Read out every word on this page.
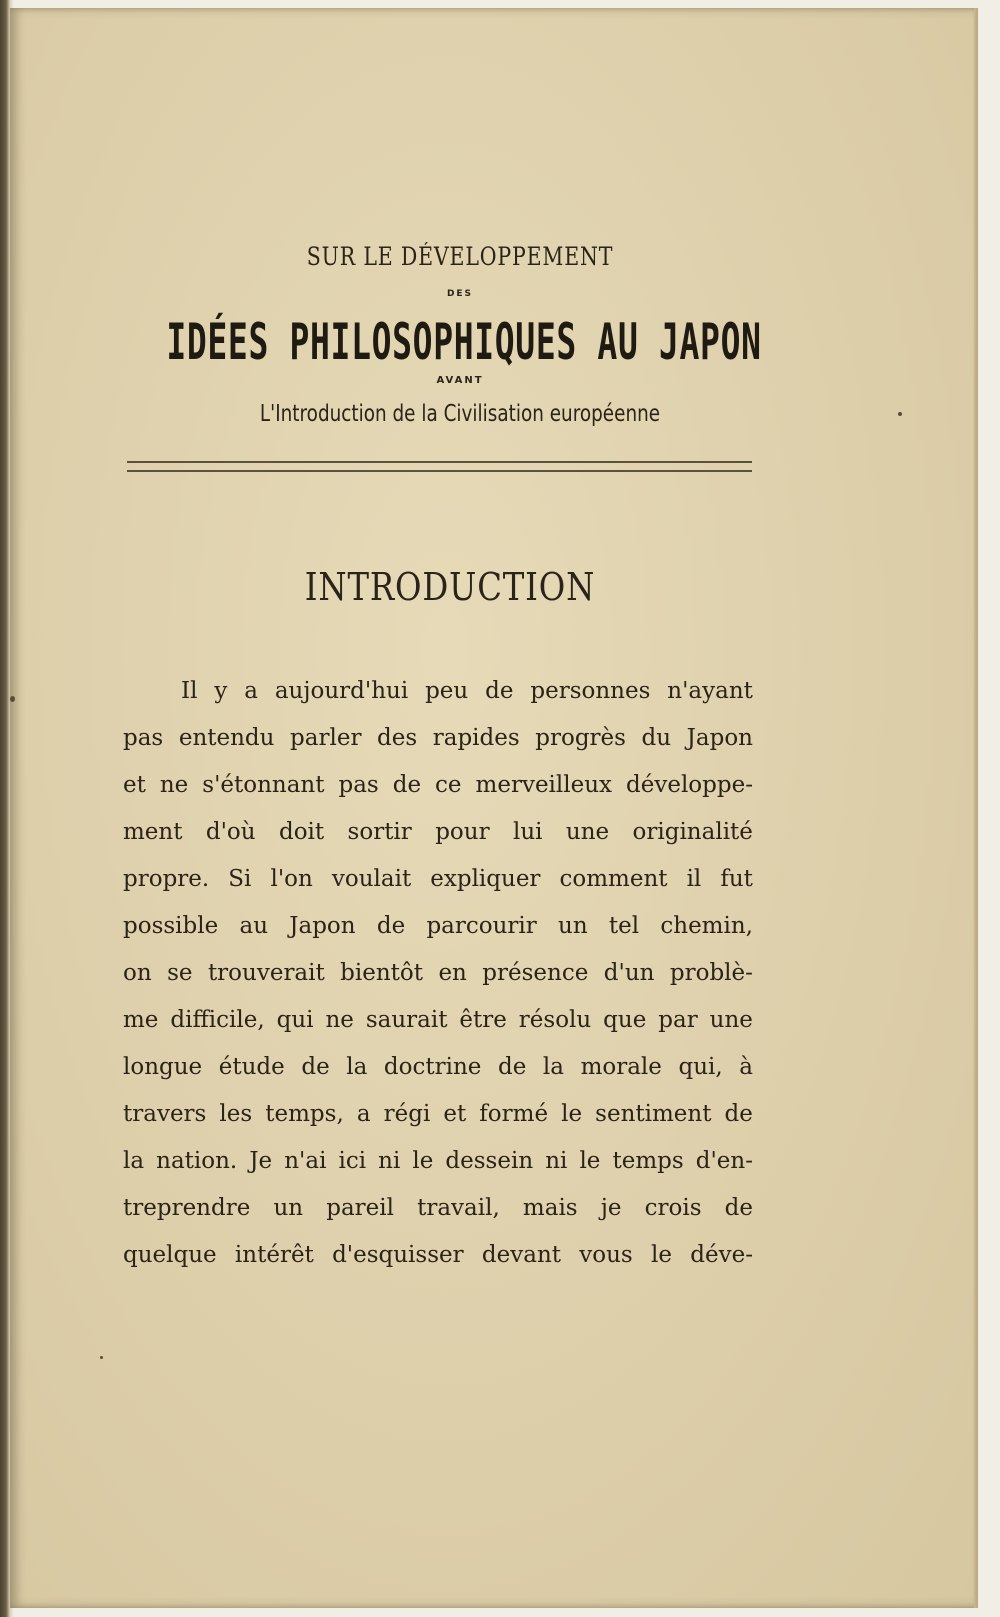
SUR LE DÉVELOPPEMENT
DES
IDÉES PHILOSOPHIQUES AU JAPON
AVANT
L'Introduction de la Civilisation européenne
INTRODUCTION
Il y a aujourd'hui peu de personnes n'ayant
pas entendu parler des rapides progrès du Japon
et ne s'étonnant pas de ce merveilleux développe-
ment d'où doit sortir pour lui une originalité
propre. Si l'on voulait expliquer comment il fut
possible au Japon de parcourir un tel chemin,
on se trouverait bientôt en présence d'un problè-
me difficile, qui ne saurait être résolu que par une
longue étude de la doctrine de la morale qui, à
travers les temps, a régi et formé le sentiment de
la nation. Je n'ai ici ni le dessein ni le temps d'en-
treprendre un pareil travail, mais je crois de
quelque intérêt d'esquisser devant vous le déve-
